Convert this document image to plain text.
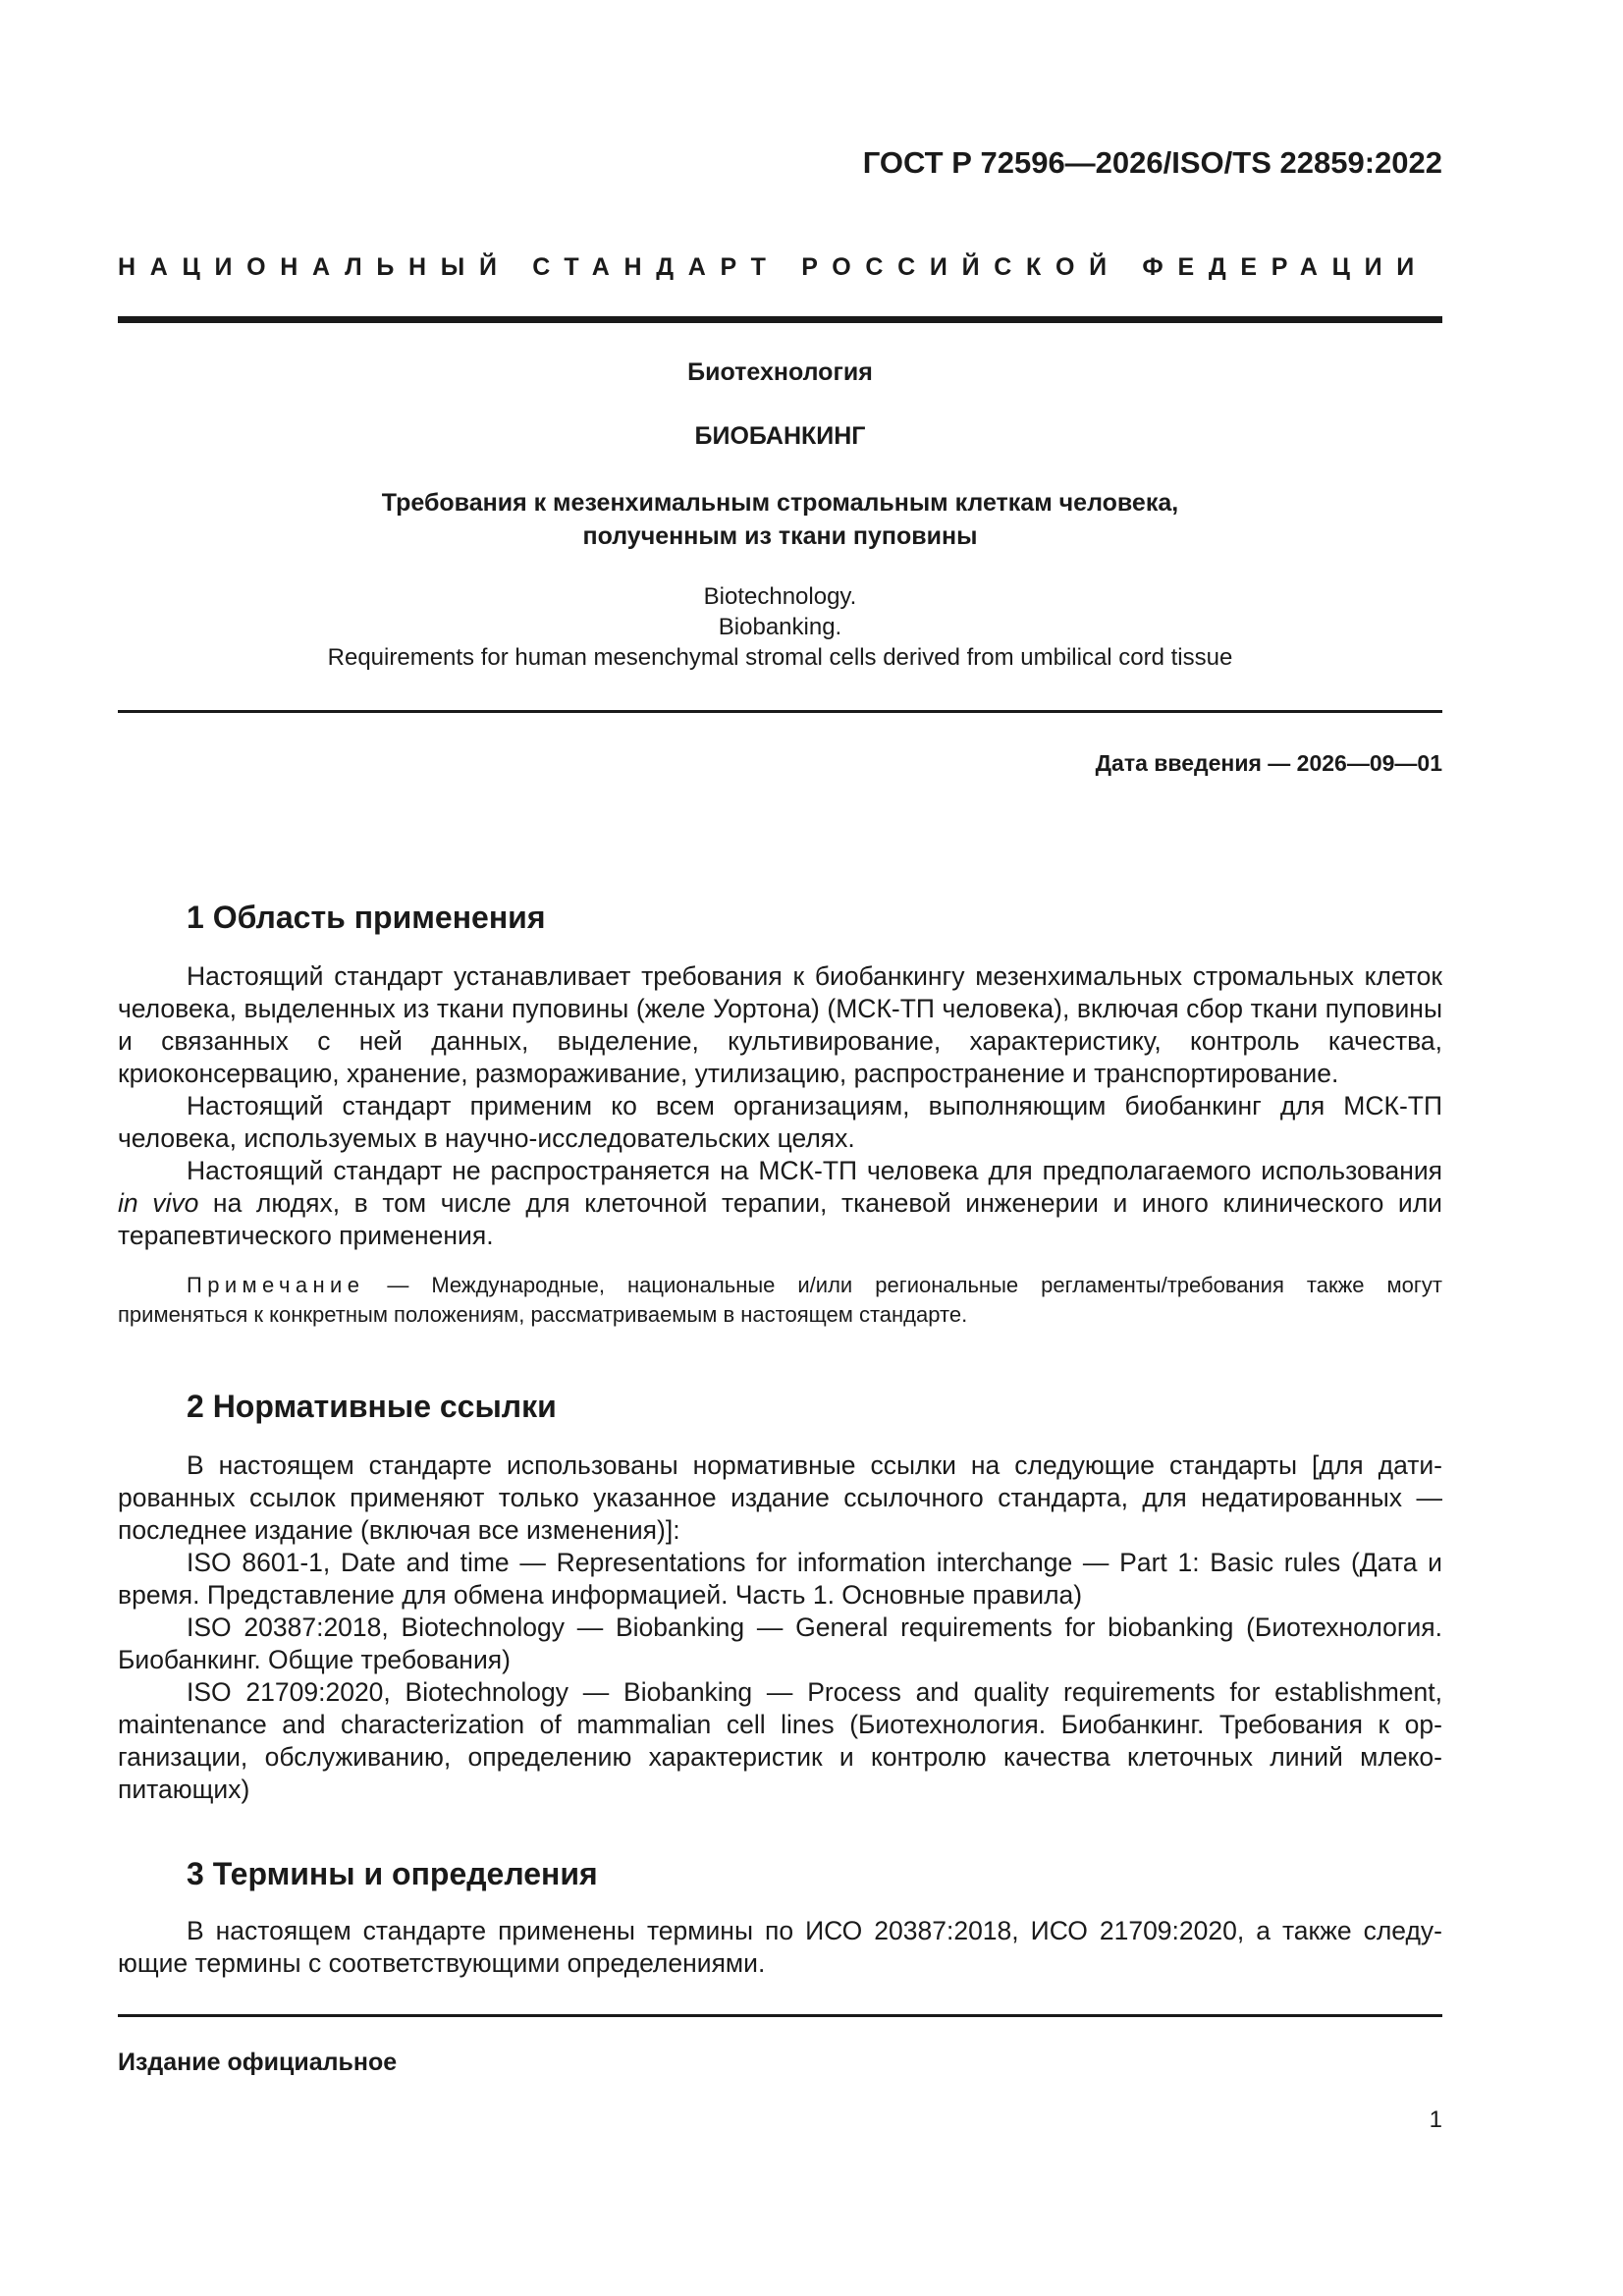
ГОСТ Р 72596—2026/ISO/TS 22859:2022
НАЦИОНАЛЬНЫЙ СТАНДАРТ РОССИЙСКОЙ ФЕДЕРАЦИИ
Биотехнология
БИОБАНКИНГ
Требования к мезенхимальным стромальным клеткам человека,
полученным из ткани пуповины
Biotechnology.
Biobanking.
Requirements for human mesenchymal stromal cells derived from umbilical cord tissue
Дата введения — 2026—09—01
1 Область применения

Настоящий стандарт устанавливает требования к биобанкингу мезенхимальных стромальных клеток человека, выделенных из ткани пуповины (желе Уортона) (МСК-ТП человека), включая сбор ткани пуповины и связанных с ней данных, выделение, культивирование, характеристику, контроль качества, криоконсервацию, хранение, размораживание, утилизацию, распространение и транспортирование.

Настоящий стандарт применим ко всем организациям, выполняющим биобанкинг для МСК-ТП человека, используемых в научно-исследовательских целях.

Настоящий стандарт не распространяется на МСК-ТП человека для предполагаемого использования in vivo на людях, в том числе для клеточной терапии, тканевой инженерии и иного клинического или терапевтического применения.

Примечание — Международные, национальные и/или региональные регламенты/требования также могут применяться к конкретным положениям, рассматриваемым в настоящем стандарте.

2 Нормативные ссылки

В настоящем стандарте использованы нормативные ссылки на следующие стандарты [для датированных ссылок применяют только указанное издание ссылочного стандарта, для недатированных — последнее издание (включая все изменения)]:

ISO 8601-1, Date and time — Representations for information interchange — Part 1: Basic rules (Дата и время. Представление для обмена информацией. Часть 1. Основные правила)

ISO 20387:2018, Biotechnology — Biobanking — General requirements for biobanking (Биотехнология. Биобанкинг. Общие требования)

ISO 21709:2020, Biotechnology — Biobanking — Process and quality requirements for establishment, maintenance and characterization of mammalian cell lines (Биотехнология. Биобанкинг. Требования к организации, обслуживанию, определению характеристик и контролю качества клеточных линий млекопитающих)

3 Термины и определения

В настоящем стандарте применены термины по ИСО 20387:2018, ИСО 21709:2020, а также следующие термины с соответствующими определениями.

Издание официальное
1
